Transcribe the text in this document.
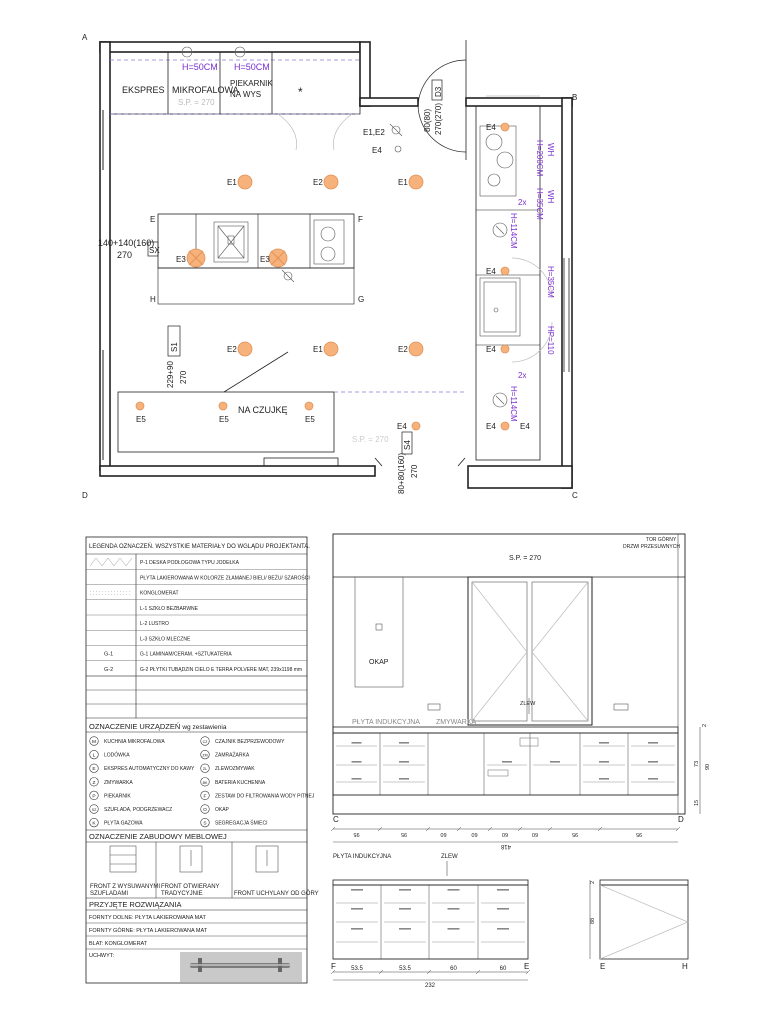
A
B
C
D
EKSPRES MIKROFALOWA
PIEKARNIK
NA WYS
H=50CM H=50CM
S.P. = 270
*	D3
80(80) 270(270)
E1,E2
E4	WH
H=200CM
WH
H=35CM
2x
H=114CM
H=35CM
HP=110
2x
H=114CM
SX
140+140(160)
270
E	F
G
H
E3	E3
E1	E2	E1
E2	E1	E2
E4
E4
E4
E4	E4
E4
S1
229+90 270
E5	E5	E5
NA CZUJKĘ
S.P. = 270
S4
80+80(160) 270
LEGENDA OZNACZEŃ. WSZYSTKIE MATERIAŁY DO WGLĄDU PROJEKTANTA.
P-1 DESKA PODŁOGOWA TYPU JODEŁKA
PŁYTA LAKIEROWANA W KOLORZE ZŁAMANEJ BIELI/ BEŻU/ SZAROŚCI
KONGLOMERAT
L-1 SZKŁO BEZBARWNE
L-2 LUSTRO
L-3 SZKŁO MLECZNE
G-1	G-1 LAMINAM/CERAM. +SZTUKATERIA
G-2	G-2 PŁYTKI TUBĄDZIN CIELO E TERRA POLVERE MAT, 239x1198 mm
OZNACZENIE URZĄDZEŃ wg zestawienia
M KUCHNIA MIKROFALOWA	CZ CZAJNIK BEZPRZEWODOWY
L LODÓWKA	ZM ZAMRAŻARKA
E EKSPRES AUTOMATYCZNY DO KAWY ZL ZLEWOZMYWAK
Z ZMYWARKA	BK BATERIA KUCHENNA
P PIEKARNIK	F ZESTAW DO FILTROWANIA WODY PITNEJ
SZ SZUFLADA, PODGRZEWACZ	O OKAP
K PŁYTA GAZOWA	S SEGREGACJA ŚMIECI
OZNACZENIE ZABUDOWY MEBLOWEJ
FRONT Z WYSUWANYMI
SZUFLADAMI
FRONT OTWIERANY
TRADYCYJNIE	FRONT UCHYLANY OD GÓRY
PRZYJĘTE ROZWIĄZANIA
FORNTY DOLNE: PŁYTA LAKIEROWANA MAT
FORNTY GÓRNE: PŁYTA LAKIEROWANA MAT
BLAT: KONGLOMERAT
UCHWYT:
S.P. = 270
TOR GÓRNY
DRZWI PRZESUWNYCH
OKAP
ZLEW
PŁYTA INDUKCYJNA ZMYWARKA
95	95	60	60	60	60	95	95
C	D
418
2
73 90
15
PŁYTA INDUKCYJNA	ZLEW
53.5	53.5	60	60
F	E
232
2
88
E	H
